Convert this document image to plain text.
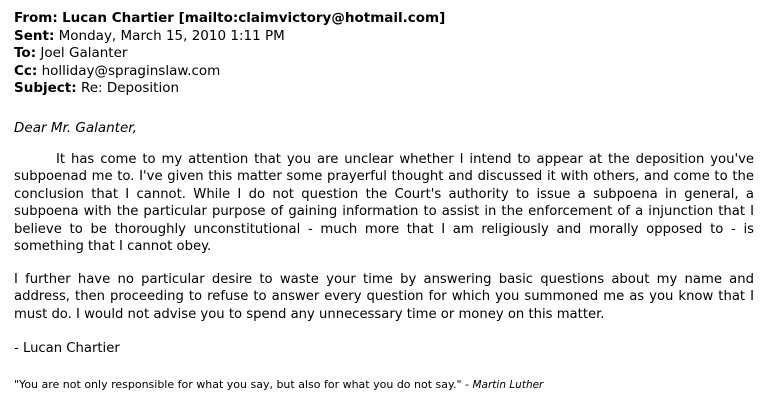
From: Lucan Chartier [mailto:claimvictory@hotmail.com]
Sent: Monday, March 15, 2010 1:11 PM
To: Joel Galanter
Cc: holliday@spraginslaw.com
Subject: Re: Deposition
Dear Mr. Galanter,
It has come to my attention that you are unclear whether I intend to appear at the deposition you've subpoenad me to. I've given this matter some prayerful thought and discussed it with others, and come to the conclusion that I cannot. While I do not question the Court's authority to issue a subpoena in general, a subpoena with the particular purpose of gaining information to assist in the enforcement of a injunction that I believe to be thoroughly unconstitutional - much more that I am religiously and morally opposed to - is something that I cannot obey.
I further have no particular desire to waste your time by answering basic questions about my name and address, then proceeding to refuse to answer every question for which you summoned me as you know that I must do. I would not advise you to spend any unnecessary time or money on this matter.
- Lucan Chartier
"You are not only responsible for what you say, but also for what you do not say." - Martin Luther
